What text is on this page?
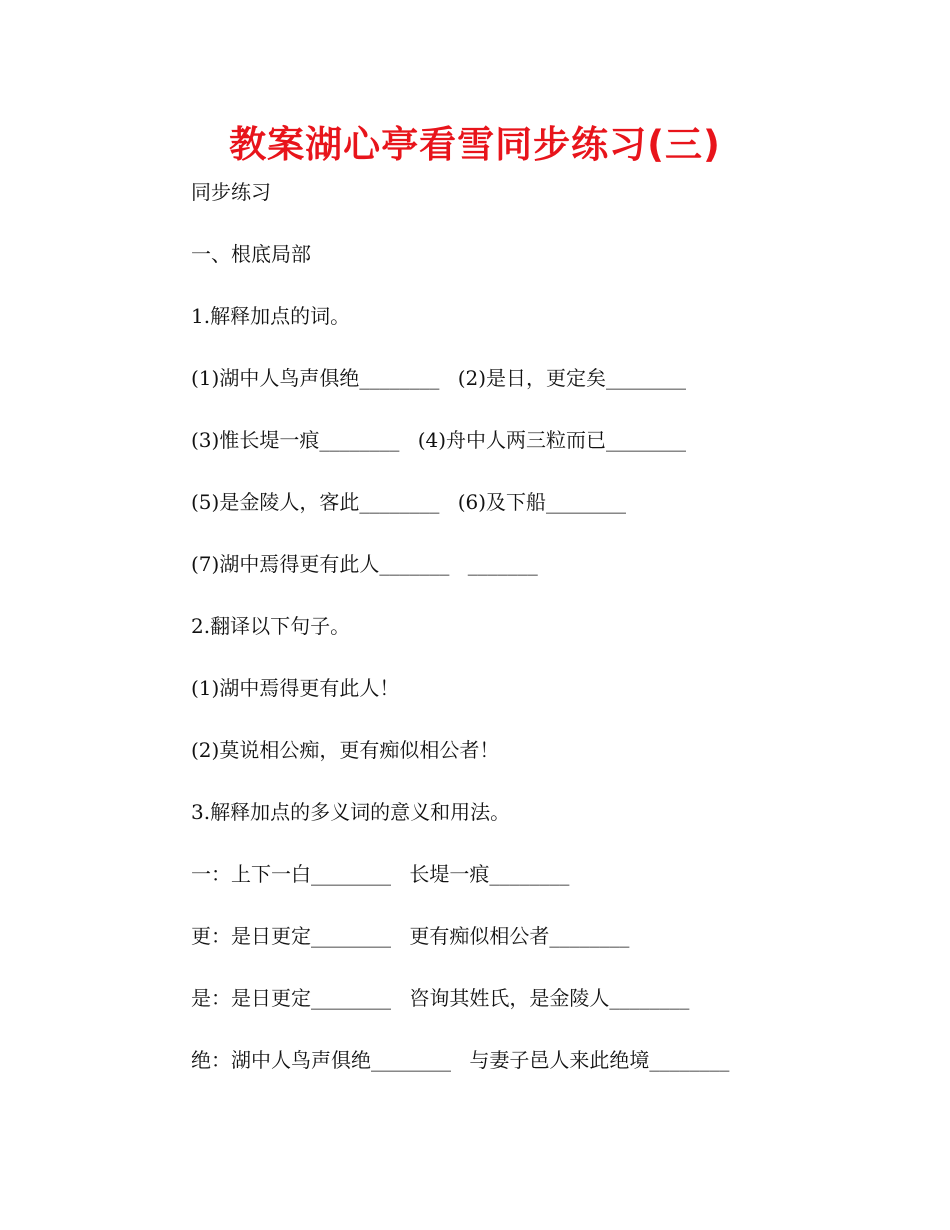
教案湖心亭看雪同步练习(三)
同步练习
一、根底局部
1.解释加点的词。
(1)湖中人鸟声俱绝________ (2)是日，更定矣________
(3)惟长堤一痕________ (4)舟中人两三粒而已________
(5)是金陵人，客此________ (6)及下船________
(7)湖中焉得更有此人_______ _______
2.翻译以下句子。
(1)湖中焉得更有此人！
(2)莫说相公痴，更有痴似相公者！
3.解释加点的多义词的意义和用法。
一：上下一白________ 长堤一痕________
更：是日更定________ 更有痴似相公者________
是：是日更定________ 咨询其姓氏，是金陵人________
绝：湖中人鸟声俱绝________ 与妻子邑人来此绝境________
